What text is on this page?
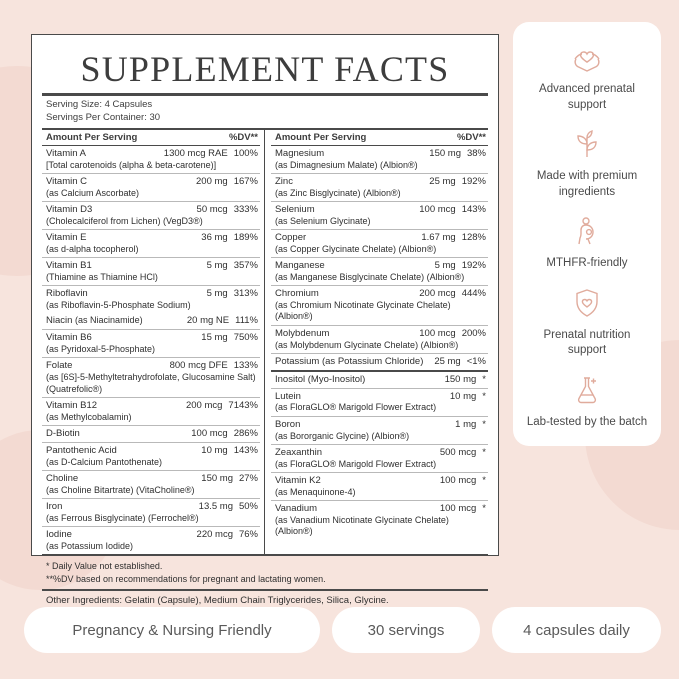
SUPPLEMENT FACTS
Serving Size: 4 Capsules
Servings Per Container: 30
Amount Per Serving	%DV**
Vitamin A	1300 mcg RAE 100%
[Total carotenoids (alpha & beta-carotene)]
Vitamin C	200 mg 167%
(as Calcium Ascorbate)
Vitamin D3	50 mcg 333%
(Cholecalciferol from Lichen) (VegD3®)
Vitamin E	36 mg 189%
(as d-alpha tocopherol)
Vitamin B1	5 mg 357%
(Thiamine as Thiamine HCl)
Riboflavin	5 mg 313%
(as Riboflavin-5-Phosphate Sodium)
Niacin (as Niacinamide)	20 mg NE 111%
Vitamin B6	15 mg 750%
(as Pyridoxal-5-Phosphate)
Folate	800 mcg DFE 133%
(as [6S]-5-Methyltetrahydrofolate, Glucosamine Salt) (Quatrefolic®)
Vitamin B12	200 mcg 7143%
(as Methylcobalamin)
D-Biotin	100 mcg 286%
Pantothenic Acid	10 mg 143%
(as D-Calcium Pantothenate)
Choline	150 mg 27%
(as Choline Bitartrate) (VitaCholine®)
Iron	13.5 mg 50%
(as Ferrous Bisglycinate) (Ferrochel®)
Iodine	220 mcg 76%
(as Potassium Iodide)
Amount Per Serving	%DV**
Magnesium	150 mg 38%
(as Dimagnesium Malate) (Albion®)
Zinc	25 mg 192%
(as Zinc Bisglycinate) (Albion®)
Selenium	100 mcg 143%
(as Selenium Glycinate)
Copper	1.67 mg 128%
(as Copper Glycinate Chelate) (Albion®)
Manganese	5 mg 192%
(as Manganese Bisglycinate Chelate) (Albion®)
Chromium	200 mcg 444%
(as Chromium Nicotinate Glycinate Chelate) (Albion®)
Molybdenum	100 mcg 200%
(as Molybdenum Glycinate Chelate) (Albion®)
Potassium (as Potassium Chloride)	25 mg <1%
Inositol (Myo-Inositol)	150 mg *
Lutein	10 mg *
(as FloraGLO® Marigold Flower Extract)
Boron	1 mg *
(as Bororganic Glycine) (Albion®)
Zeaxanthin	500 mcg *
(as FloraGLO® Marigold Flower Extract)
Vitamin K2	100 mcg *
(as Menaquinone-4)
Vanadium	100 mcg *
(as Vanadium Nicotinate Glycinate Chelate) (Albion®)
* Daily Value not established.
**%DV based on recommendations for pregnant and lactating women.
Other Ingredients: Gelatin (Capsule), Medium Chain Triglycerides, Silica, Glycine.
Advanced prenatal support
Made with premium ingredients
MTHFR-friendly
Prenatal nutrition support
Lab-tested by the batch
Pregnancy & Nursing Friendly	30 servings	4 capsules daily
